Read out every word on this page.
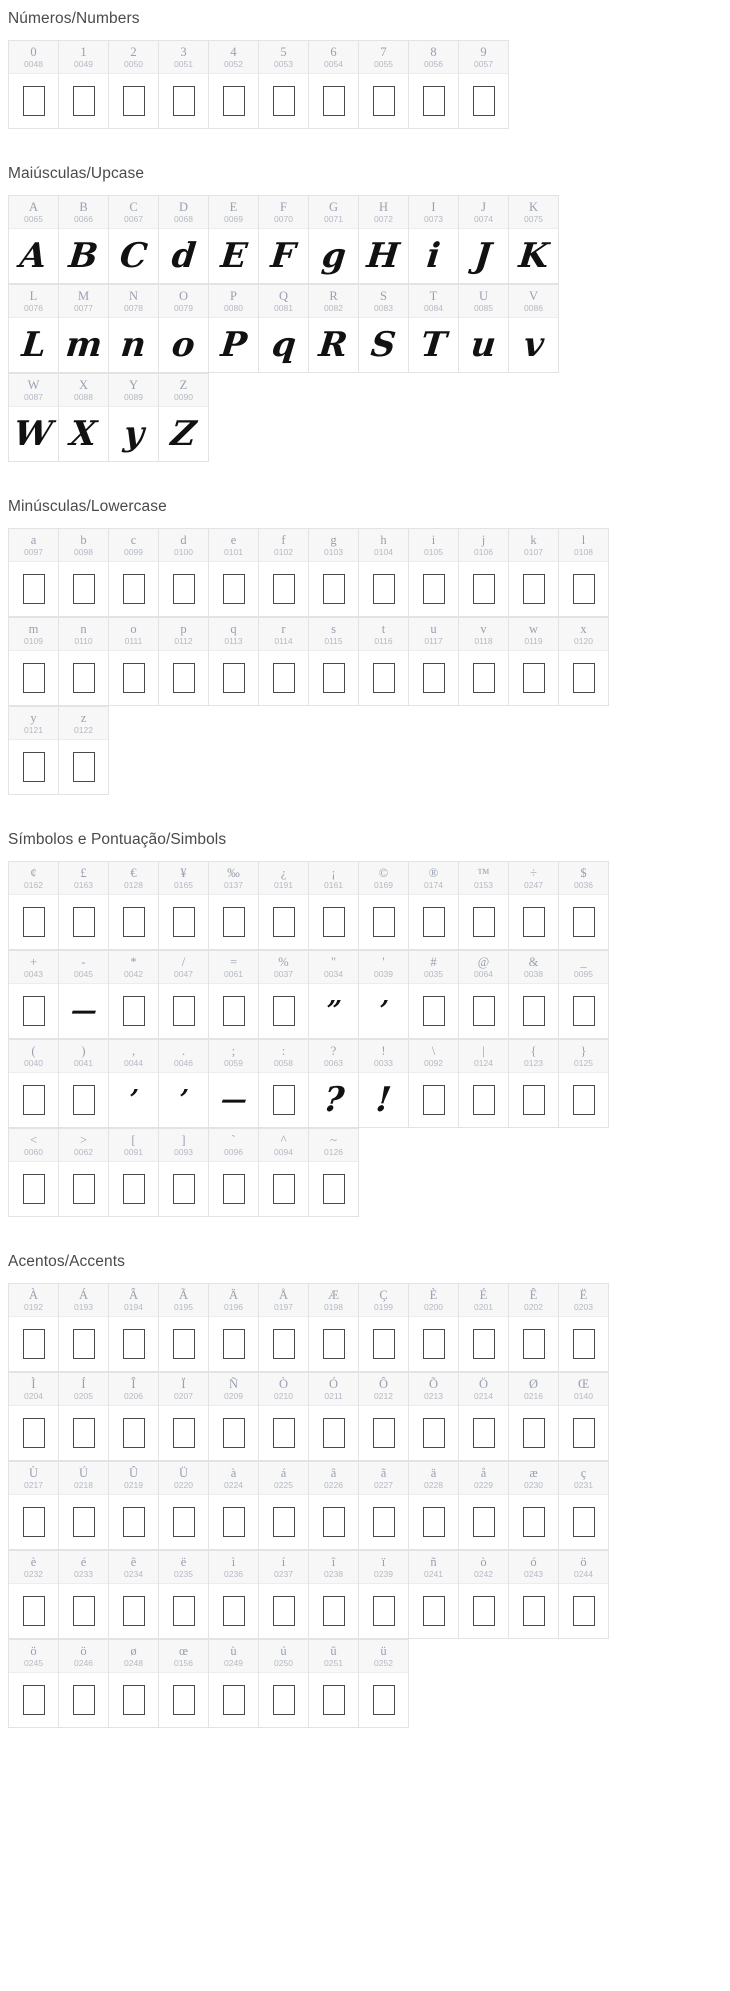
Números/Numbers
0
0048
1
0049
2
0050
3
0051
4
0052
5
0053
6
0054
7
0055
8
0056
9
0057
Maiúsculas/Upcase
A
0065
A
B
0066
B
C
0067
C
D
0068
d
E
0069
E
F
0070
F
G
0071
g
H
0072
H
I
0073
i
J
0074
J
K
0075
K
L
0076
L
M
0077
m
N
0078
n
O
0079
o
P
0080
P
Q
0081
q
R
0082
R
S
0083
S
T
0084
T
U
0085
u
V
0086
v
W
0087
W
X
0088
X
Y
0089
y
Z
0090
Z
Minúsculas/Lowercase
a
0097
b
0098
c
0099
d
0100
e
0101
f
0102
g
0103
h
0104
i
0105
j
0106
k
0107
l
0108
m
0109
n
0110
o
0111
p
0112
q
0113
r
0114
s
0115
t
0116
u
0117
v
0118
w
0119
x
0120
y
0121
z
0122
Símbolos e Pontuação/Simbols
¢
0162
£
0163
€
0128
¥
0165
‰
0137
¿
0191
¡
0161
©
0169
®
0174
™
0153
÷
0247
$
0036
+
0043
-
0045
—
*
0042
/
0047
=
0061
%
0037
"
0034
”
'
0039
’
#
0035
@
0064
&
0038
_
0095
(
0040
)
0041
,
0044
’
.
0046
’
;
0059
—
:
0058
?
0063
?
!
0033
!
\
0092
|
0124
{
0123
}
0125
<
0060
>
0062
[
0091
]
0093
`
0096
^
0094
~
0126
Acentos/Accents
À
0192
Á
0193
Â
0194
Ã
0195
Ä
0196
Å
0197
Æ
0198
Ç
0199
È
0200
É
0201
Ê
0202
Ë
0203
Ì
0204
Í
0205
Î
0206
Ï
0207
Ñ
0209
Ò
0210
Ó
0211
Ô
0212
Õ
0213
Ö
0214
Ø
0216
Œ
0140
Ù
0217
Ú
0218
Û
0219
Ü
0220
à
0224
á
0225
â
0226
ã
0227
ä
0228
å
0229
æ
0230
ç
0231
è
0232
é
0233
ê
0234
ë
0235
ì
0236
í
0237
î
0238
ï
0239
ñ
0241
ò
0242
ó
0243
ö
0244
ö
0245
ö
0246
ø
0248
œ
0156
ù
0249
ú
0250
û
0251
ü
0252
